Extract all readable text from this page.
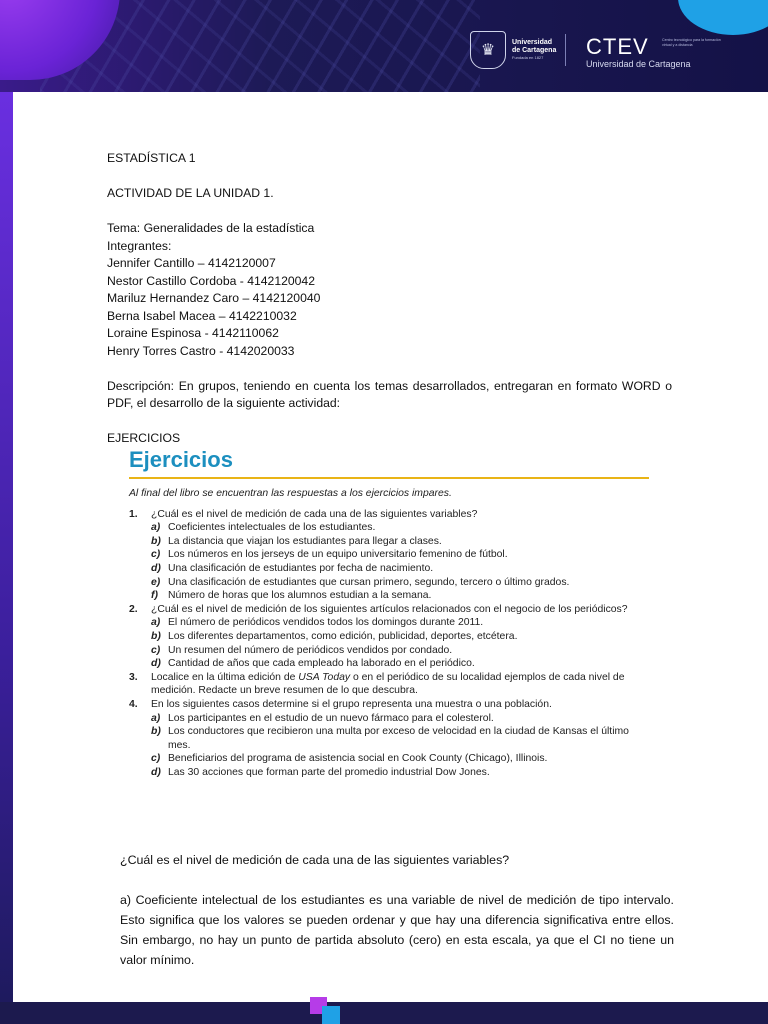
♛	Universidad
de Cartagena
Fundada en 1827	CTEV
Universidad de Cartagena
Centro tecnológico para la formación virtual y a distancia

ESTADÍSTICA 1

ACTIVIDAD DE LA UNIDAD 1.

Tema: Generalidades de la estadística

Integrantes:

Jennifer Cantillo – 4142120007

Nestor Castillo Cordoba - 4142120042

Mariluz Hernandez Caro – 4142120040

Berna Isabel Macea – 4142210032

Loraine Espinosa - 4142110062

Henry Torres Castro - 4142020033

Descripción: En grupos, teniendo en cuenta los temas desarrollados, entregaran en formato WORD o PDF, el desarrollo de la siguiente actividad:

EJERCICIOS

Ejercicios
Al final del libro se encuentran las respuestas a los ejercicios impares.
1.	¿Cuál es el nivel de medición de cada una de las siguientes variables?
a) Coeficientes intelectuales de los estudiantes.
b) La distancia que viajan los estudiantes para llegar a clases.
c) Los números en los jerseys de un equipo universitario femenino de fútbol.
d) Una clasificación de estudiantes por fecha de nacimiento.
e) Una clasificación de estudiantes que cursan primero, segundo, tercero o último grados.
f) Número de horas que los alumnos estudian a la semana.
2.	¿Cuál es el nivel de medición de los siguientes artículos relacionados con el negocio de los periódicos?
a) El número de periódicos vendidos todos los domingos durante 2011.
b) Los diferentes departamentos, como edición, publicidad, deportes, etcétera.
c) Un resumen del número de periódicos vendidos por condado.
d) Cantidad de años que cada empleado ha laborado en el periódico.
3.	Localice en la última edición de USA Today o en el periódico de su localidad ejemplos de cada nivel de medición. Redacte un breve resumen de lo que descubra.
4.	En los siguientes casos determine si el grupo representa una muestra o una población.
a) Los participantes en el estudio de un nuevo fármaco para el colesterol.
b) Los conductores que recibieron una multa por exceso de velocidad en la ciudad de Kansas el último mes.
c) Beneficiarios del programa de asistencia social en Cook County (Chicago), Illinois.
d) Las 30 acciones que forman parte del promedio industrial Dow Jones.

¿Cuál es el nivel de medición de cada una de las siguientes variables?

a) Coeficiente intelectual de los estudiantes es una variable de nivel de medición de tipo intervalo. Esto significa que los valores se pueden ordenar y que hay una diferencia significativa entre ellos. Sin embargo, no hay un punto de partida absoluto (cero) en esta escala, ya que el CI no tiene un valor mínimo.
